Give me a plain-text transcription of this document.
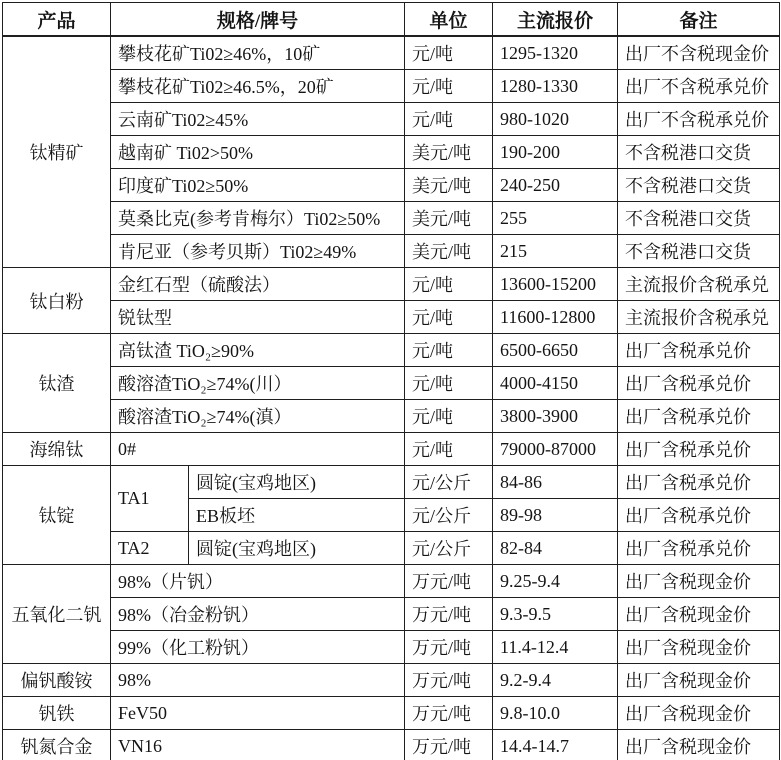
产品	规格/牌号		单位	主流报价	备注
钛精矿	攀枝花矿Ti02≥46%，10矿		元/吨	1295-1320	出厂不含税现金价
	攀枝花矿Ti02≥46.5%，20矿		元/吨	1280-1330	出厂不含税承兑价
	云南矿Ti02≥45%		元/吨	980-1020	出厂不含税承兑价
	越南矿 Ti02>50%		美元/吨	190-200	不含税港口交货
	印度矿Ti02≥50%		美元/吨	240-250	不含税港口交货
	莫桑比克(参考肯梅尔）Ti02≥50%		美元/吨	255	不含税港口交货
	肯尼亚（参考贝斯）Ti02≥49%		美元/吨	215	不含税港口交货
钛白粉	金红石型（硫酸法）		元/吨	13600-15200	主流报价含税承兑
	锐钛型		元/吨	11600-12800	主流报价含税承兑
钛渣	高钛渣 TiO₂≥90%		元/吨	6500-6650	出厂含税承兑价
	酸溶渣TiO₂≥74%(川）		元/吨	4000-4150	出厂含税承兑价
	酸溶渣TiO₂≥74%(滇）		元/吨	3800-3900	出厂含税承兑价
海绵钛	0#		元/吨	79000-87000	出厂含税承兑价
钛锭	TA1	圆锭(宝鸡地区)	元/公斤	84-86	出厂含税承兑价
		EB板坯	元/公斤	89-98	出厂含税承兑价
	TA2	圆锭(宝鸡地区)	元/公斤	82-84	出厂含税承兑价
五氧化二钒	98%（片钒）		万元/吨	9.25-9.4	出厂含税现金价
	98%（冶金粉钒）		万元/吨	9.3-9.5	出厂含税现金价
	99%（化工粉钒）		万元/吨	11.4-12.4	出厂含税现金价
偏钒酸铵	98%		万元/吨	9.2-9.4	出厂含税现金价
钒铁	FeV50		万元/吨	9.8-10.0	出厂含税现金价
钒氮合金	VN16		万元/吨	14.4-14.7	出厂含税现金价
